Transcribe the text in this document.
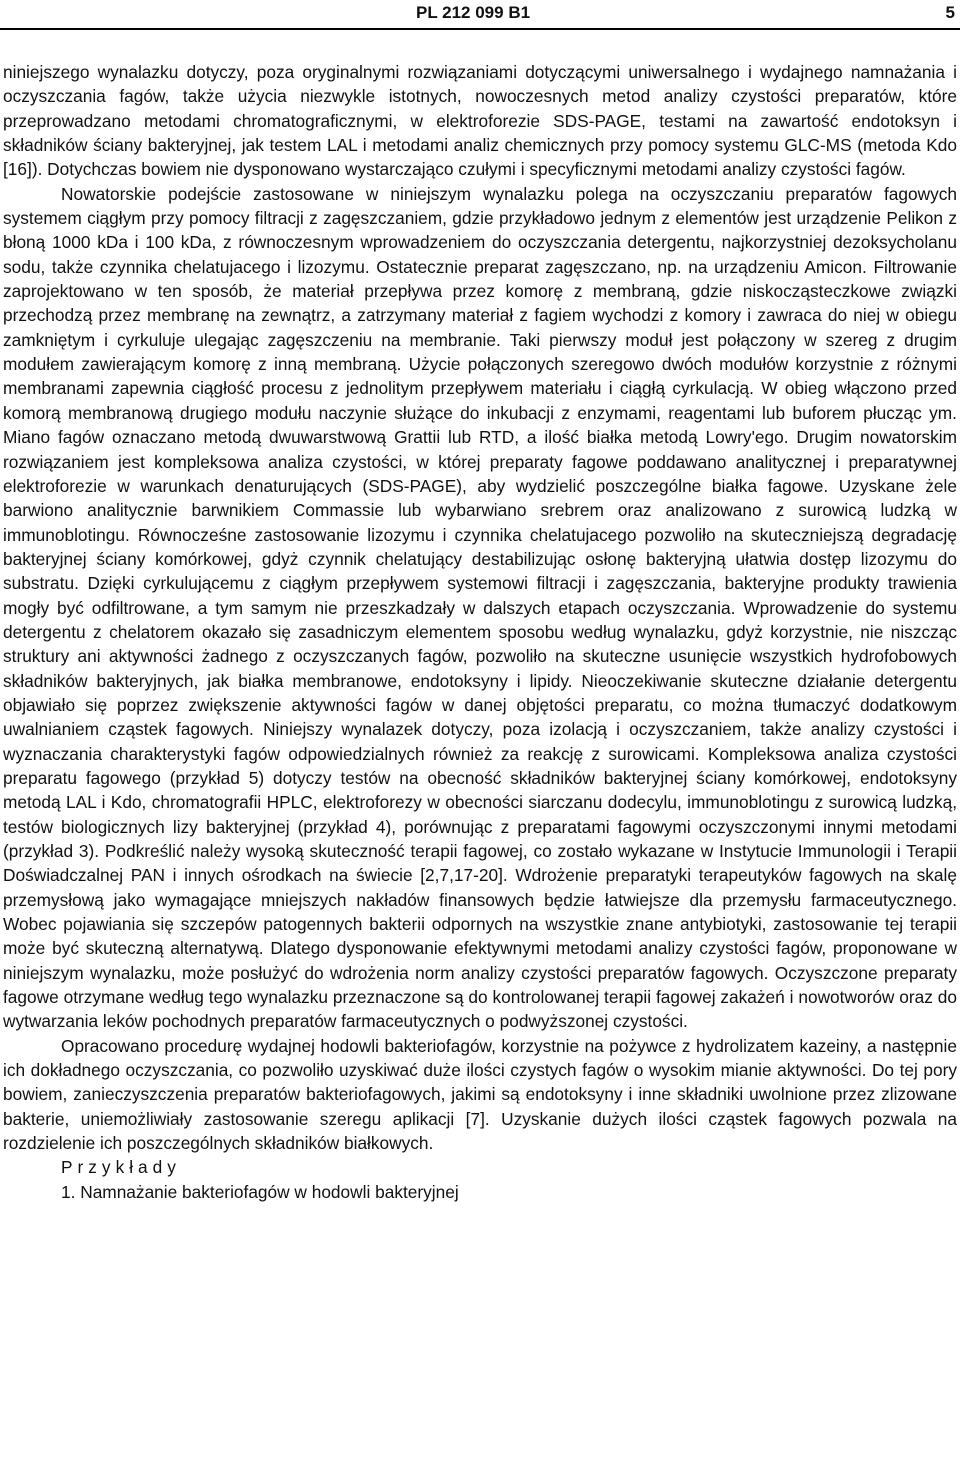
PL 212 099 B1	5

niniejszego wynalazku dotyczy, poza oryginalnymi rozwiązaniami dotyczącymi uniwersalnego i wydajnego namnażania i oczyszczania fagów, także użycia niezwykle istotnych, nowoczesnych metod analizy czystości preparatów, które przeprowadzano metodami chromatograficznymi, w elektroforezie SDS-PAGE, testami na zawartość endotoksyn i składników ściany bakteryjnej, jak testem LAL i metodami analiz chemicznych przy pomocy systemu GLC-MS (metoda Kdo [16]). Dotychczas bowiem nie dysponowano wystarczająco czułymi i specyficznymi metodami analizy czystości fagów.

Nowatorskie podejście zastosowane w niniejszym wynalazku polega na oczyszczaniu preparatów fagowych systemem ciągłym przy pomocy filtracji z zagęszczaniem, gdzie przykładowo jednym z elementów jest urządzenie Pelikon z błoną 1000 kDa i 100 kDa, z równoczesnym wprowadzeniem do oczyszczania detergentu, najkorzystniej dezoksycholanu sodu, także czynnika chelatujacego i lizozymu. Ostatecznie preparat zagęszczano, np. na urządzeniu Amicon. Filtrowanie zaprojektowano w ten sposób, że materiał przepływa przez komorę z membraną, gdzie niskocząsteczkowe związki przechodzą przez membranę na zewnątrz, a zatrzymany materiał z fagiem wychodzi z komory i zawraca do niej w obiegu zamkniętym i cyrkuluje ulegając zagęszczeniu na membranie. Taki pierwszy moduł jest połączony w szereg z drugim modułem zawierającym komorę z inną membraną. Użycie połączonych szeregowo dwóch modułów korzystnie z różnymi membranami zapewnia ciągłość procesu z jednolitym przepływem materiału i ciągłą cyrkulacją. W obieg włączono przed komorą membranową drugiego modułu naczynie służące do inkubacji z enzymami, reagentami lub buforem płucząc ym. Miano fagów oznaczano metodą dwuwarstwową Grattii lub RTD, a ilość białka metodą Lowry'ego. Drugim nowatorskim rozwiązaniem jest kompleksowa analiza czystości, w której preparaty fagowe poddawano analitycznej i preparatywnej elektroforezie w warunkach denaturujących (SDS-PAGE), aby wydzielić poszczególne białka fagowe. Uzyskane żele barwiono analitycznie barwnikiem Commassie lub wybarwiano srebrem oraz analizowano z surowicą ludzką w immunoblotingu. Równocześne zastosowanie lizozymu i czynnika chelatujacego pozwoliło na skuteczniejszą degradację bakteryjnej ściany komórkowej, gdyż czynnik chelatujący destabilizując osłonę bakteryjną ułatwia dostęp lizozymu do substratu. Dzięki cyrkulującemu z ciągłym przepływem systemowi filtracji i zagęszczania, bakteryjne produkty trawienia mogły być odfiltrowane, a tym samym nie przeszkadzały w dalszych etapach oczyszczania. Wprowadzenie do systemu detergentu z chelatorem okazało się zasadniczym elementem sposobu według wynalazku, gdyż korzystnie, nie niszcząc struktury ani aktywności żadnego z oczyszczanych fagów, pozwoliło na skuteczne usunięcie wszystkich hydrofobowych składników bakteryjnych, jak białka membranowe, endotoksyny i lipidy. Nieoczekiwanie skuteczne działanie detergentu objawiało się poprzez zwiększenie aktywności fagów w danej objętości preparatu, co można tłumaczyć dodatkowym uwalnianiem cząstek fagowych. Niniejszy wynalazek dotyczy, poza izolacją i oczyszczaniem, także analizy czystości i wyznaczania charakterystyki fagów odpowiedzialnych również za reakcję z surowicami. Kompleksowa analiza czystości preparatu fagowego (przykład 5) dotyczy testów na obecność składników bakteryjnej ściany komórkowej, endotoksyny metodą LAL i Kdo, chromatografii HPLC, elektroforezy w obecności siarczanu dodecylu, immunoblotingu z surowicą ludzką, testów biologicznych lizy bakteryjnej (przykład 4), porównując z preparatami fagowymi oczyszczonymi innymi metodami (przykład 3). Podkreślić należy wysoką skuteczność terapii fagowej, co zostało wykazane w Instytucie Immunologii i Terapii Doświadczalnej PAN i innych ośrodkach na świecie [2,7,17-20]. Wdrożenie preparatyki terapeutyków fagowych na skalę przemysłową jako wymagające mniejszych nakładów finansowych będzie łatwiejsze dla przemysłu farmaceutycznego. Wobec pojawiania się szczepów patogennych bakterii odpornych na wszystkie znane antybiotyki, zastosowanie tej terapii może być skuteczną alternatywą. Dlatego dysponowanie efektywnymi metodami analizy czystości fagów, proponowane w niniejszym wynalazku, może posłużyć do wdrożenia norm analizy czystości preparatów fagowych. Oczyszczone preparaty fagowe otrzymane według tego wynalazku przeznaczone są do kontrolowanej terapii fagowej zakażeń i nowotworów oraz do wytwarzania leków pochodnych preparatów farmaceutycznych o podwyższonej czystości.

Opracowano procedurę wydajnej hodowli bakteriofagów, korzystnie na pożywce z hydrolizatem kazeiny, a następnie ich dokładnego oczyszczania, co pozwoliło uzyskiwać duże ilości czystych fagów o wysokim mianie aktywności. Do tej pory bowiem, zanieczyszczenia preparatów bakteriofagowych, jakimi są endotoksyny i inne składniki uwolnione przez zlizowane bakterie, uniemożliwiały zastosowanie szeregu aplikacji [7]. Uzyskanie dużych ilości cząstek fagowych pozwala na rozdzielenie ich poszczególnych składników białkowych.

Przykłady

1. Namnażanie bakteriofagów w hodowli bakteryjnej
